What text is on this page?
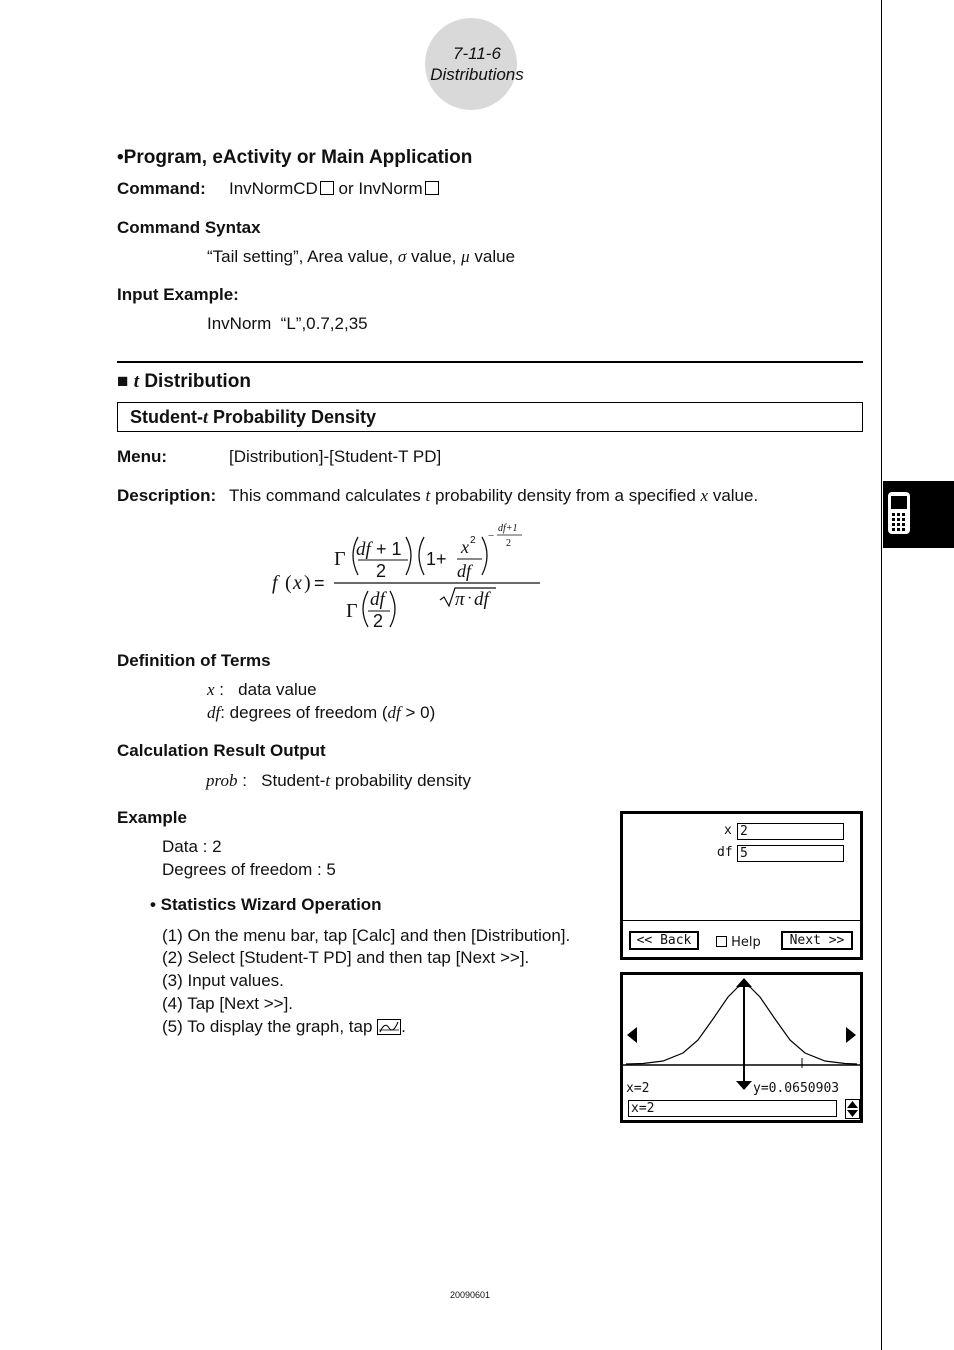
7-11-6
Distributions
•Program, eActivity or Main Application
Command: InvNormCD or InvNorm
Command Syntax
“Tail setting”, Area value, σ value, μ value
Input Example:
InvNorm  “L”,0.7,2,35
■ t Distribution
Student-t Probability Density
Menu:	[Distribution]-[Student-T PD]
Description: This command calculates t probability density from a specified x value.
f ( x ) =
Γ df + 1
2
1+
x 2
df
−
df+1
2
Γ
df
2
π · df
Definition of Terms
x :   data value
df: degrees of freedom (df > 0)
Calculation Result Output
prob :   Student-t probability density
Example
Data : 2
Degrees of freedom : 5
• Statistics Wizard Operation
(1) On the menu bar, tap [Calc] and then [Distribution].
(2) Select [Student-T PD] and then tap [Next >>].
(3) Input values.
(4) Tap [Next >>].
(5) To display the graph, tap .
x 2
df 5
<< Back	Help	Next >>
x=2	y=0.0650903
x=2
20090601
